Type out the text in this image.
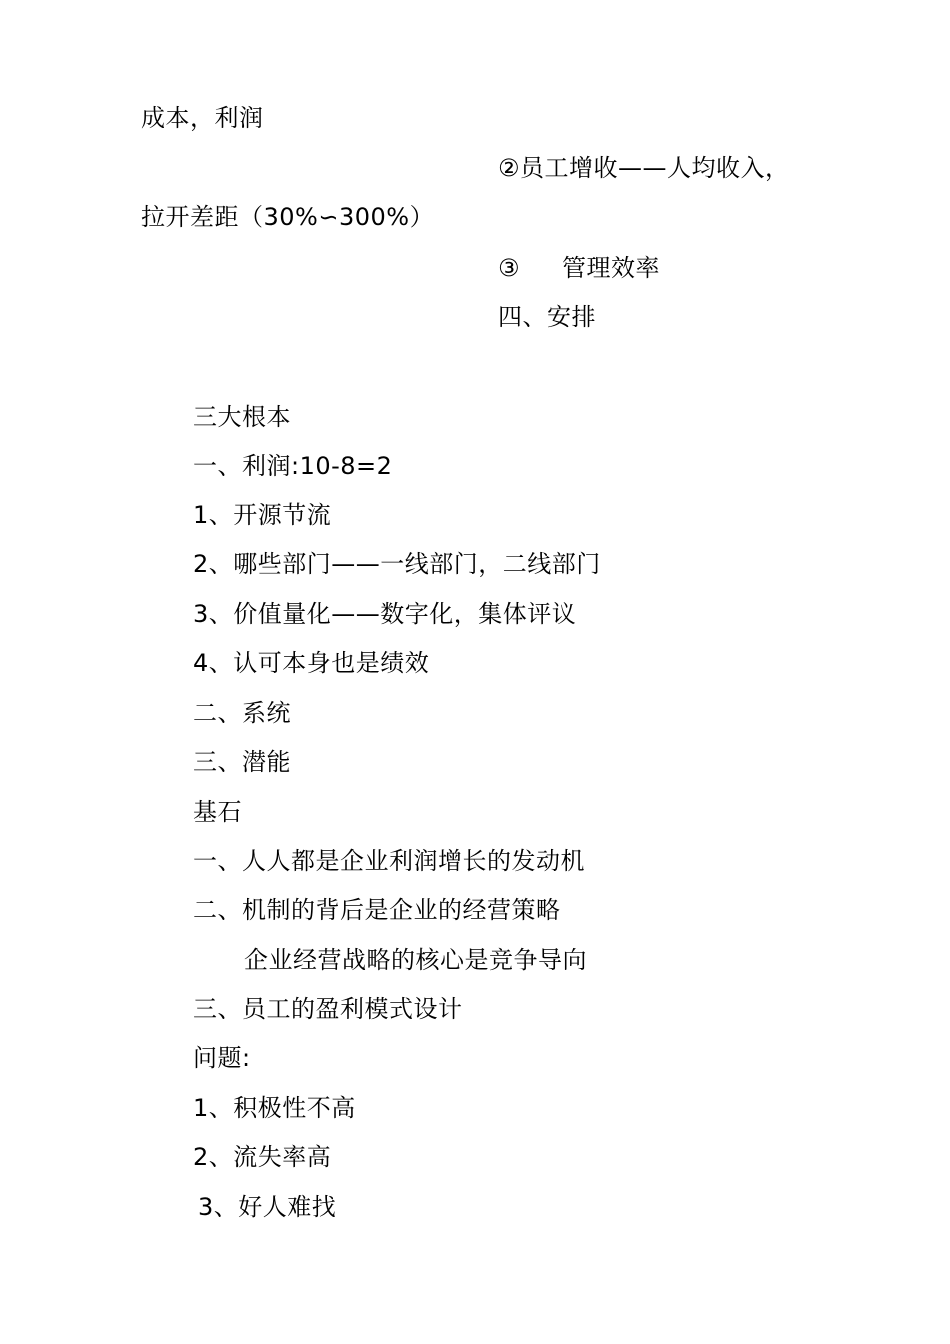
成本，利润
②员工增收——人均收入，
拉开差距（30%∽300%）
③ 管理效率
四、安排
三大根本
一、利润:10-8=2
1、开源节流
2、哪些部门——一线部门，二线部门
3、价值量化——数字化，集体评议
4、认可本身也是绩效
二、系统
三、潜能
基石
一、人人都是企业利润增长的发动机
二、机制的背后是企业的经营策略
企业经营战略的核心是竞争导向
三、员工的盈利模式设计
问题:
1、积极性不高
2、流失率高
3、好人难找
